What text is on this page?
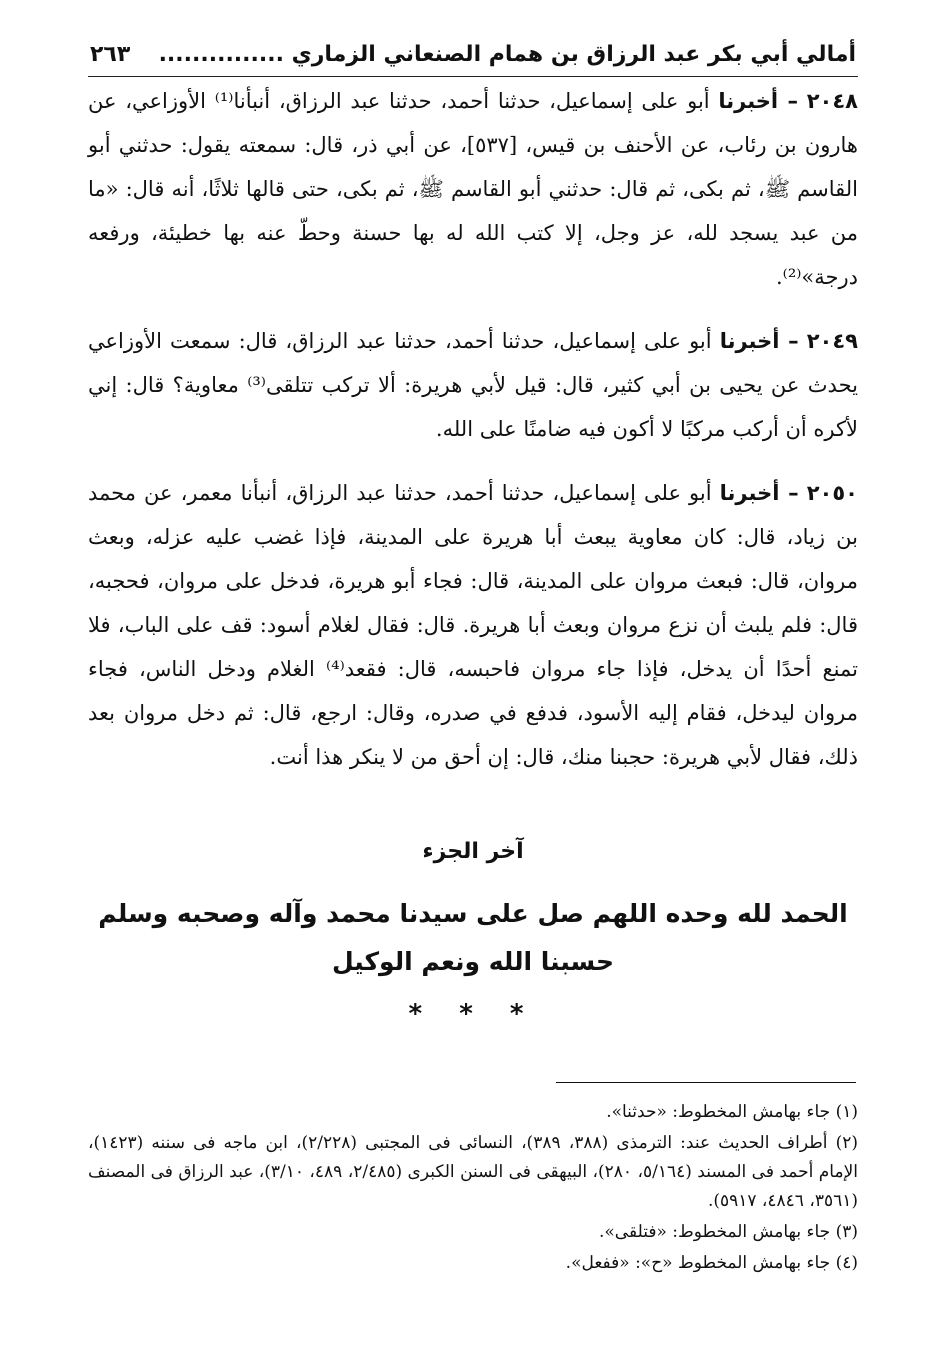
أمالي أبي بكر عبد الرزاق بن همام الصنعاني الزماري ...............
٢٦٣
٢٠٤٨ – أخبرنا أبو على إسماعيل، حدثنا أحمد، حدثنا عبد الرزاق، أنبأنا⁽¹⁾ الأوزاعي، عن هارون بن رئاب، عن الأحنف بن قيس، [٥٣٧]، عن أبي ذر، قال: سمعته يقول: حدثني أبو القاسم ﷺ، ثم بكى، ثم قال: حدثني أبو القاسم ﷺ، ثم بكى، حتى قالها ثلاثًا، أنه قال: «ما من عبد يسجد لله، عز وجل، إلا كتب الله له بها حسنة وحطّ عنه بها خطيئة، ورفعه درجة»⁽²⁾.
٢٠٤٩ – أخبرنا أبو على إسماعيل، حدثنا أحمد، حدثنا عبد الرزاق، قال: سمعت الأوزاعي يحدث عن يحيى بن أبي كثير، قال: قيل لأبي هريرة: ألا تركب تتلقى⁽³⁾ معاوية؟ قال: إني لأكره أن أركب مركبًا لا أكون فيه ضامنًا على الله.
٢٠٥٠ – أخبرنا أبو على إسماعيل، حدثنا أحمد، حدثنا عبد الرزاق، أنبأنا معمر، عن محمد بن زياد، قال: كان معاوية يبعث أبا هريرة على المدينة، فإذا غضب عليه عزله، وبعث مروان، قال: فبعث مروان على المدينة، قال: فجاء أبو هريرة، فدخل على مروان، فحجبه، قال: فلم يلبث أن نزع مروان وبعث أبا هريرة. قال: فقال لغلام أسود: قف على الباب، فلا تمنع أحدًا أن يدخل، فإذا جاء مروان فاحبسه، قال: فقعد⁽⁴⁾ الغلام ودخل الناس، فجاء مروان ليدخل، فقام إليه الأسود، فدفع في صدره، وقال: ارجع، قال: ثم دخل مروان بعد ذلك، فقال لأبي هريرة: حجبنا منك، قال: إن أحق من لا ينكر هذا أنت.
آخر الجزء
الحمد لله وحده اللهم صل على سيدنا محمد وآله وصحبه وسلم
حسبنا الله ونعم الوكيل
* * *
(١) جاء بهامش المخطوط: «حدثنا».
(٢) أطراف الحديث عند: الترمذى (٣٨٨، ٣٨٩)، النسائى فى المجتبى (٢/٢٢٨)، ابن ماجه فى سننه (١٤٢٣)، الإمام أحمد فى المسند (٥/١٦٤، ٢٨٠)، البيهقى فى السنن الكبرى (٢/٤٨٥، ٤٨٩، ٣/١٠)، عبد الرزاق فى المصنف (٣٥٦١، ٤٨٤٦، ٥٩١٧).
(٣) جاء بهامش المخطوط: «فتلقى».
(٤) جاء بهامش المخطوط «ح»: «ففعل».
